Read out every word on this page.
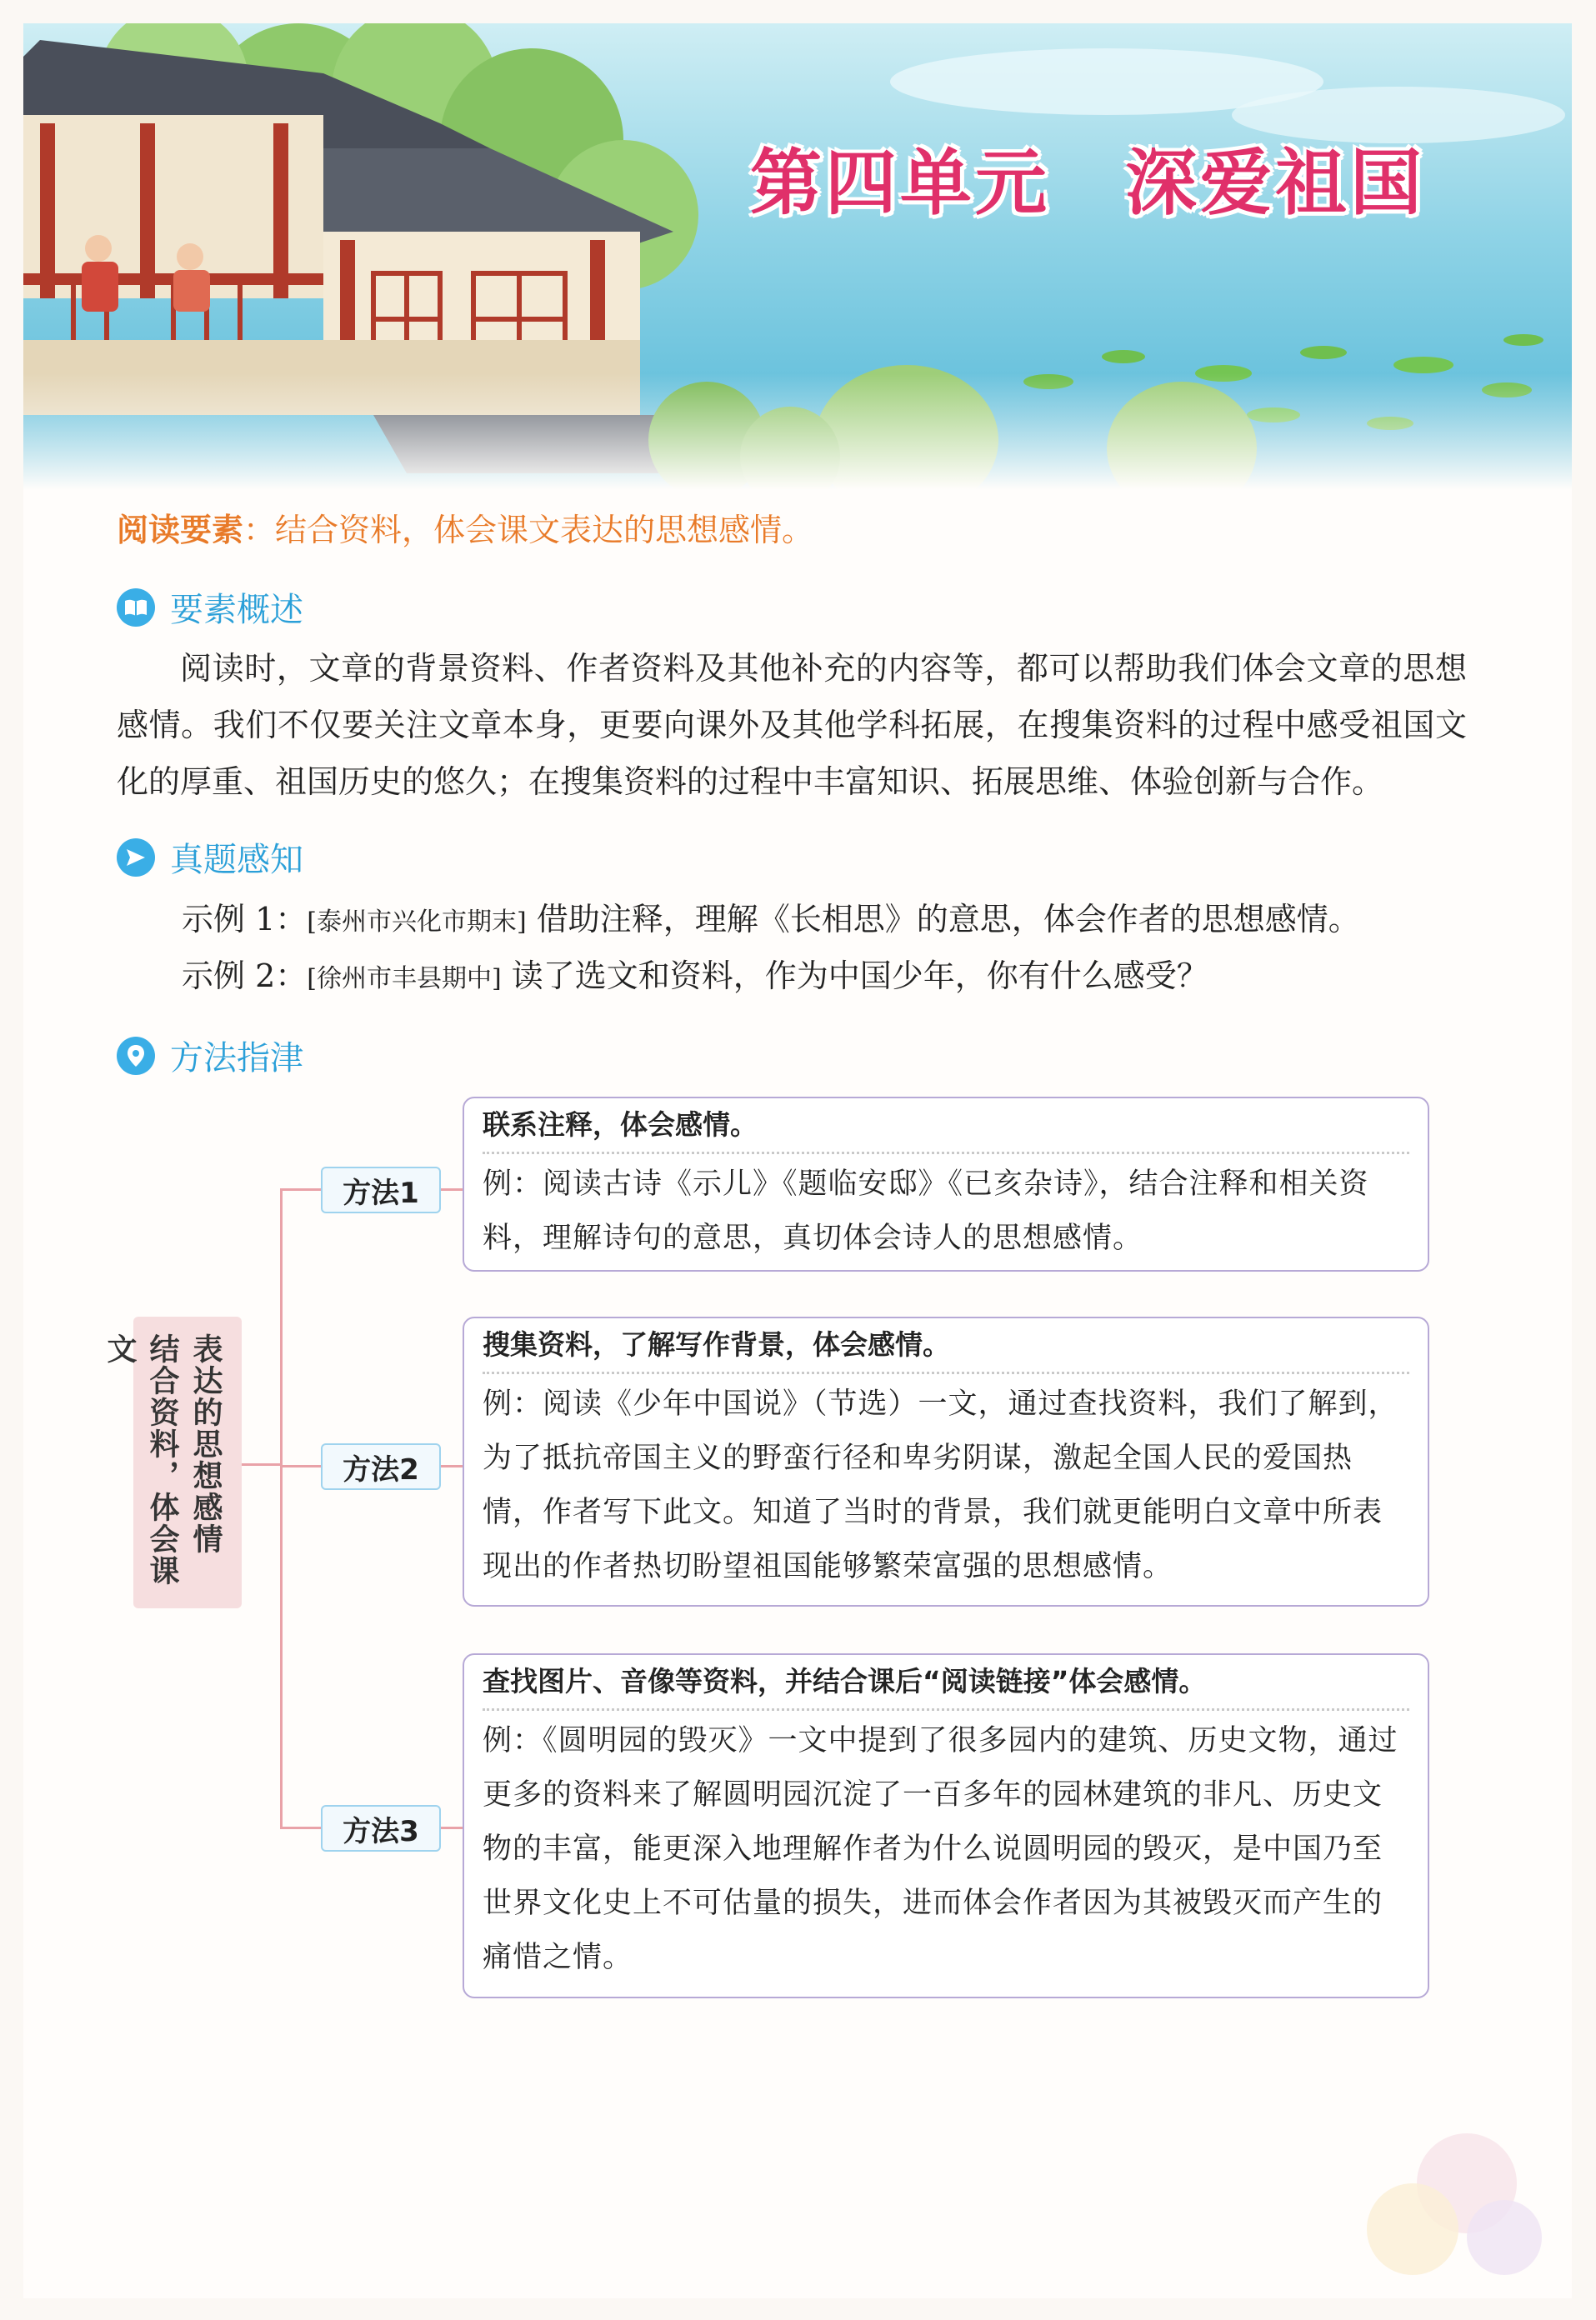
第四单元　深爱祖国
阅读要素：结合资料，体会课文表达的思想感情。
要素概述
阅读时，文章的背景资料、作者资料及其他补充的内容等，都可以帮助我们体会文章的思想感情。我们不仅要关注文章本身，更要向课外及其他学科拓展，在搜集资料的过程中感受祖国文化的厚重、祖国历史的悠久；在搜集资料的过程中丰富知识、拓展思维、体验创新与合作。
真题感知
示例 1：[泰州市兴化市期末] 借助注释，理解《长相思》的意思，体会作者的思想感情。
示例 2：[徐州市丰县期中] 读了选文和资料，作为中国少年，你有什么感受？
方法指津
表达的思想感情
结合资料，体会课文
方法1
方法2
方法3
联系注释，体会感情。
例：阅读古诗《示儿》《题临安邸》《已亥杂诗》，结合注释和相关资料，理解诗句的意思，真切体会诗人的思想感情。
搜集资料，了解写作背景，体会感情。
例：阅读《少年中国说》（节选）一文，通过查找资料，我们了解到，为了抵抗帝国主义的野蛮行径和卑劣阴谋，激起全国人民的爱国热情，作者写下此文。知道了当时的背景，我们就更能明白文章中所表现出的作者热切盼望祖国能够繁荣富强的思想感情。
查找图片、音像等资料，并结合课后“阅读链接”体会感情。
例：《圆明园的毁灭》一文中提到了很多园内的建筑、历史文物，通过更多的资料来了解圆明园沉淀了一百多年的园林建筑的非凡、历史文物的丰富，能更深入地理解作者为什么说圆明园的毁灭，是中国乃至世界文化史上不可估量的损失，进而体会作者因为其被毁灭而产生的痛惜之情。
